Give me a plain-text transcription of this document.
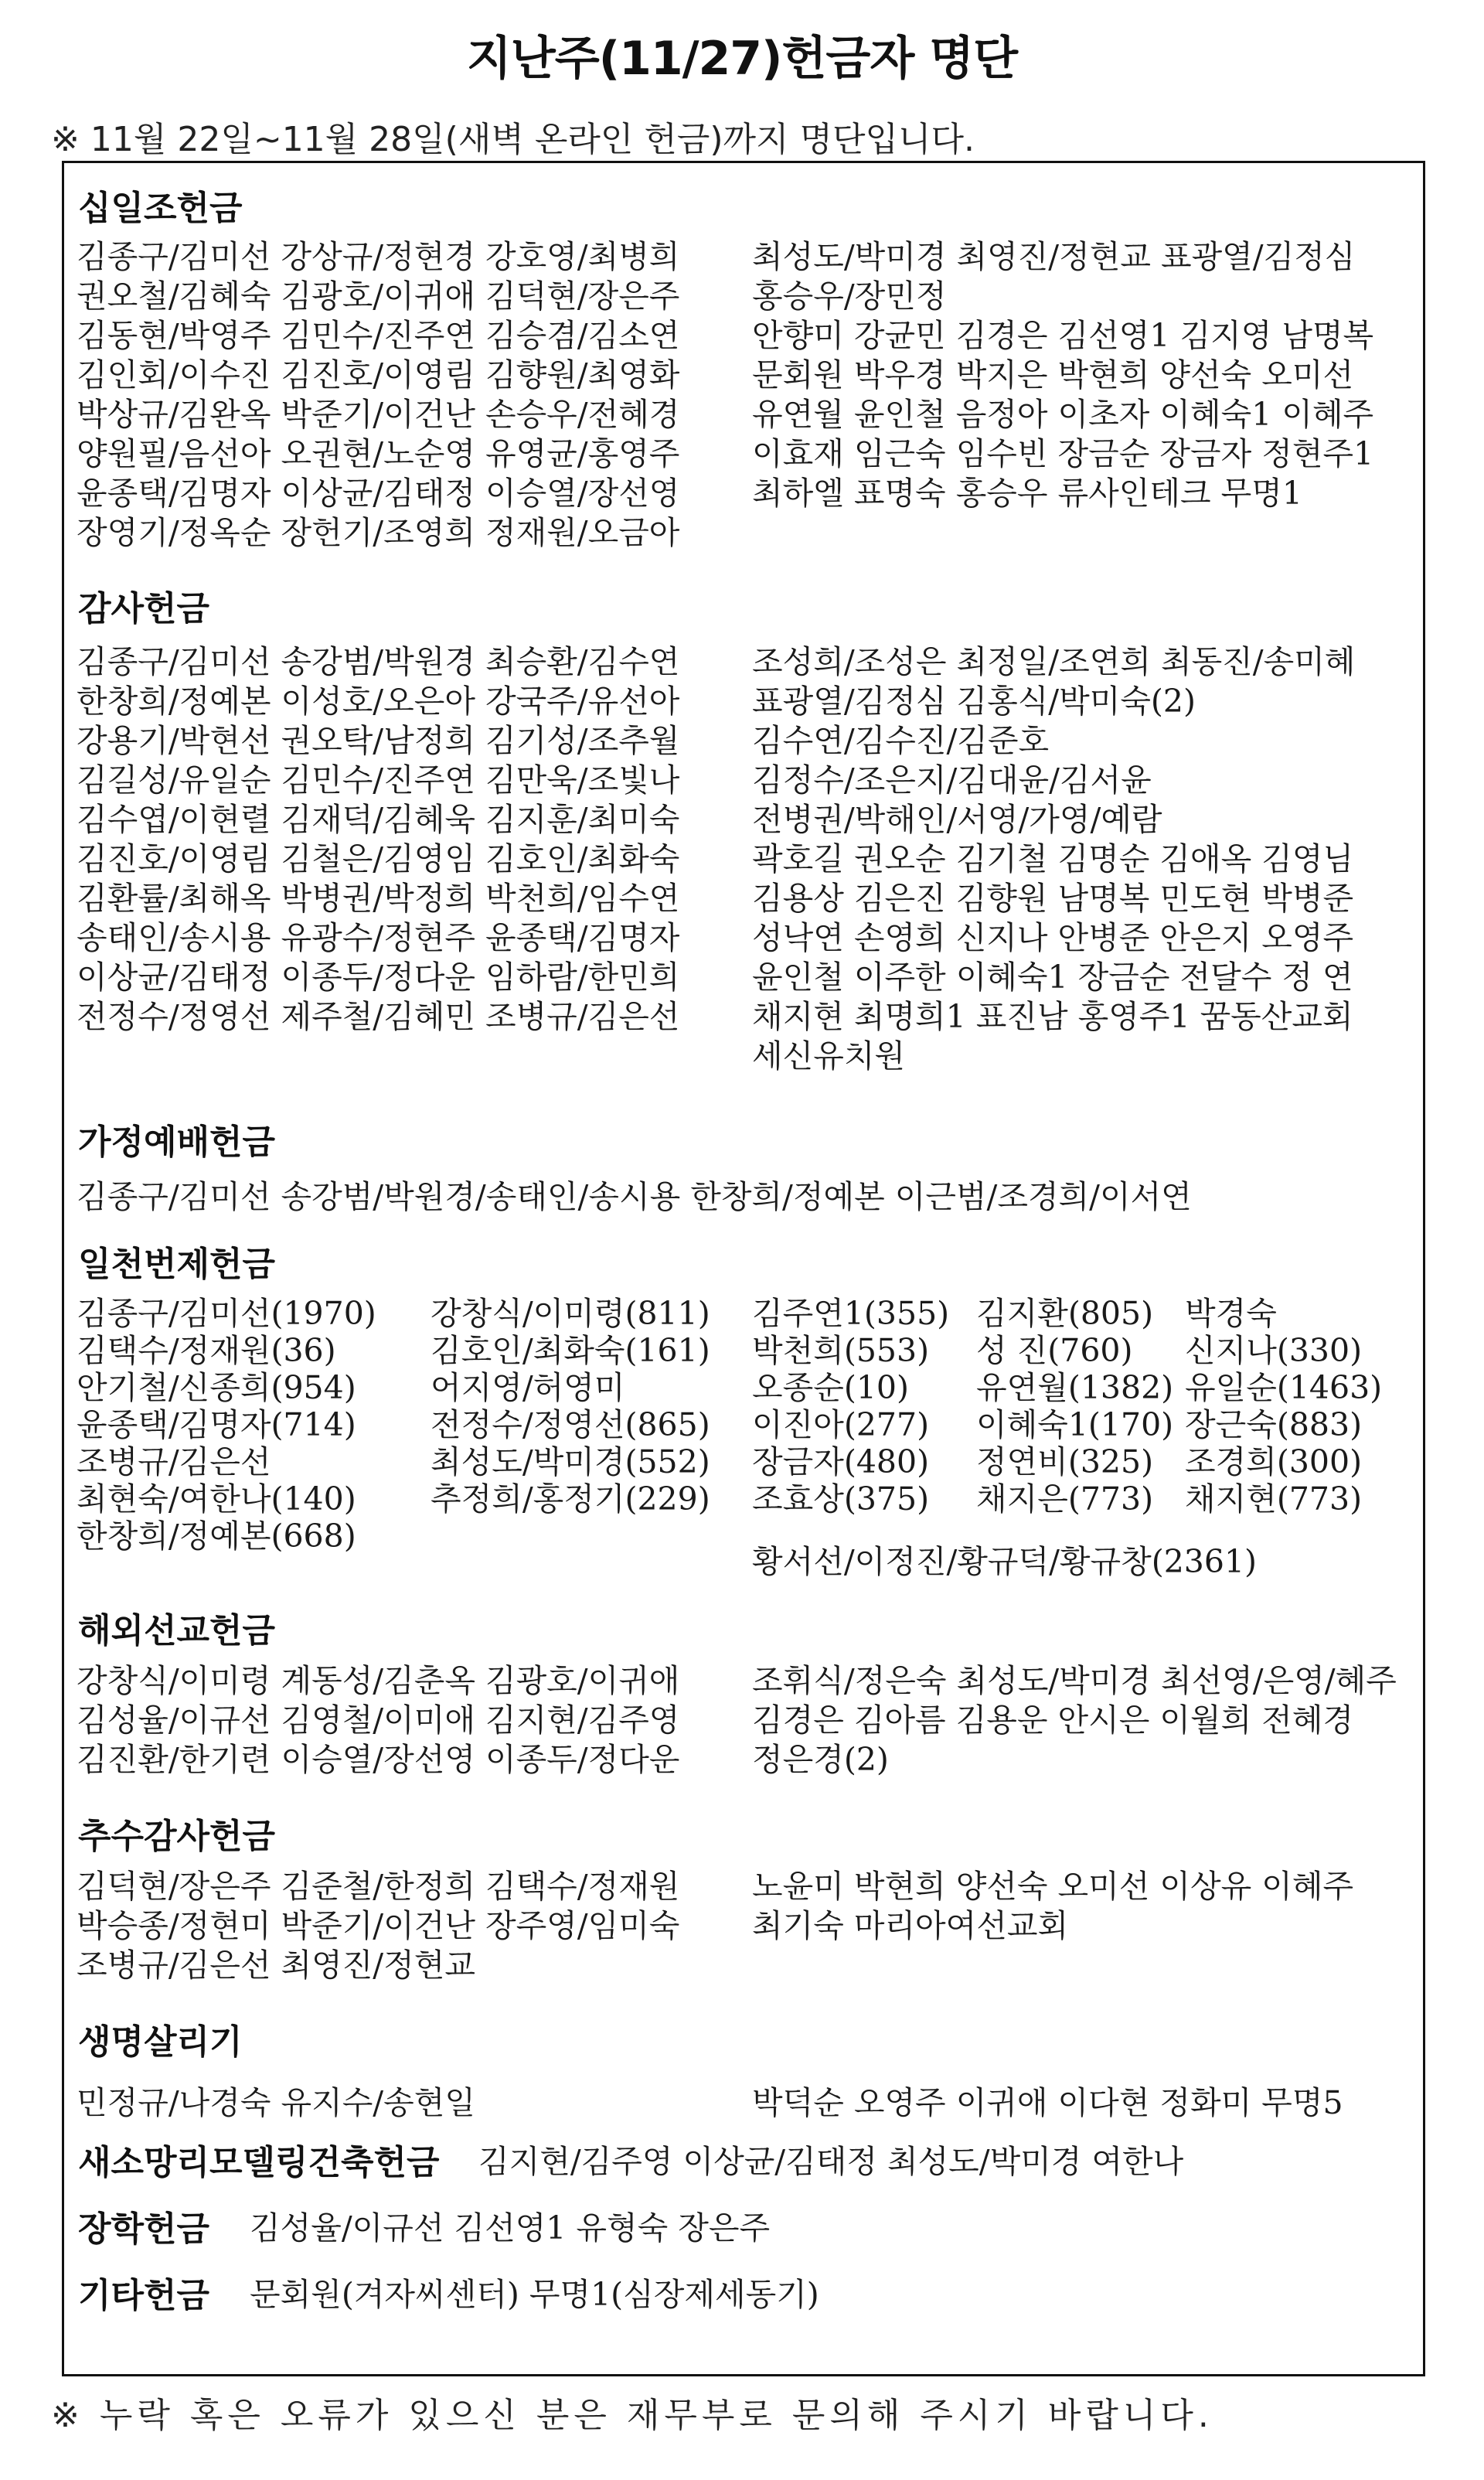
지난주(11/27)헌금자 명단
※ 11월 22일~11월 28일(새벽 온라인 헌금)까지 명단입니다.
십일조헌금
김종구/김미선 강상규/정현경 강호영/최병희
권오철/김혜숙 김광호/이귀애 김덕현/장은주
김동현/박영주 김민수/진주연 김승겸/김소연
김인회/이수진 김진호/이영림 김향원/최영화
박상규/김완옥 박준기/이건난 손승우/전혜경
양원필/음선아 오권현/노순영 유영균/홍영주
윤종택/김명자 이상균/김태정 이승열/장선영
장영기/정옥순 장헌기/조영희 정재원/오금아
최성도/박미경 최영진/정현교 표광열/김정심
홍승우/장민정
안향미 강균민 김경은 김선영1 김지영 남명복
문회원 박우경 박지은 박현희 양선숙 오미선
유연월 윤인철 음정아 이초자 이혜숙1 이혜주
이효재 임근숙 임수빈 장금순 장금자 정현주1
최하엘 표명숙 홍승우 류사인테크 무명1
감사헌금
김종구/김미선 송강범/박원경 최승환/김수연
한창희/정예본 이성호/오은아 강국주/유선아
강용기/박현선 권오탁/남정희 김기성/조추월
김길성/유일순 김민수/진주연 김만욱/조빛나
김수엽/이현렬 김재덕/김혜욱 김지훈/최미숙
김진호/이영림 김철은/김영임 김호인/최화숙
김환률/최해옥 박병권/박정희 박천희/임수연
송태인/송시용 유광수/정현주 윤종택/김명자
이상균/김태정 이종두/정다운 임하람/한민희
전정수/정영선 제주철/김혜민 조병규/김은선
조성희/조성은 최정일/조연희 최동진/송미혜
표광열/김정심 김홍식/박미숙(2)
김수연/김수진/김준호
김정수/조은지/김대윤/김서윤
전병권/박해인/서영/가영/예람
곽호길 권오순 김기철 김명순 김애옥 김영님
김용상 김은진 김향원 남명복 민도현 박병준
성낙연 손영희 신지나 안병준 안은지 오영주
윤인철 이주한 이혜숙1 장금순 전달수 정 연
채지현 최명희1 표진남 홍영주1 꿈동산교회
세신유치원
가정예배헌금
김종구/김미선 송강범/박원경/송태인/송시용 한창희/정예본 이근범/조경희/이서연
일천번제헌금
김종구/김미선(1970)
김택수/정재원(36)
안기철/신종희(954)
윤종택/김명자(714)
조병규/김은선
최현숙/여한나(140)
한창희/정예본(668)
강창식/이미령(811)
김호인/최화숙(161)
어지영/허영미
전정수/정영선(865)
최성도/박미경(552)
추정희/홍정기(229)
김주연1(355)
박천희(553)
오종순(10)
이진아(277)
장금자(480)
조효상(375)
김지환(805)
성 진(760)
유연월(1382)
이혜숙1(170)
정연비(325)
채지은(773)
박경숙
신지나(330)
유일순(1463)
장근숙(883)
조경희(300)
채지현(773)
황서선/이정진/황규덕/황규창(2361)
해외선교헌금
강창식/이미령 계동성/김춘옥 김광호/이귀애
김성율/이규선 김영철/이미애 김지현/김주영
김진환/한기련 이승열/장선영 이종두/정다운
조휘식/정은숙 최성도/박미경 최선영/은영/혜주
김경은 김아름 김용운 안시은 이월희 전혜경
정은경(2)
추수감사헌금
김덕현/장은주 김준철/한정희 김택수/정재원
박승종/정현미 박준기/이건난 장주영/임미숙
조병규/김은선 최영진/정현교
노윤미 박현희 양선숙 오미선 이상유 이혜주
최기숙 마리아여선교회
생명살리기
민정규/나경숙 유지수/송현일	박덕순 오영주 이귀애 이다현 정화미 무명5
새소망리모델링건축헌금 김지현/김주영 이상균/김태정 최성도/박미경 여한나
장학헌금 김성율/이규선 김선영1 유형숙 장은주
기타헌금 문회원(겨자씨센터) 무명1(심장제세동기)
※ 누락 혹은 오류가 있으신 분은 재무부로 문의해 주시기 바랍니다.
